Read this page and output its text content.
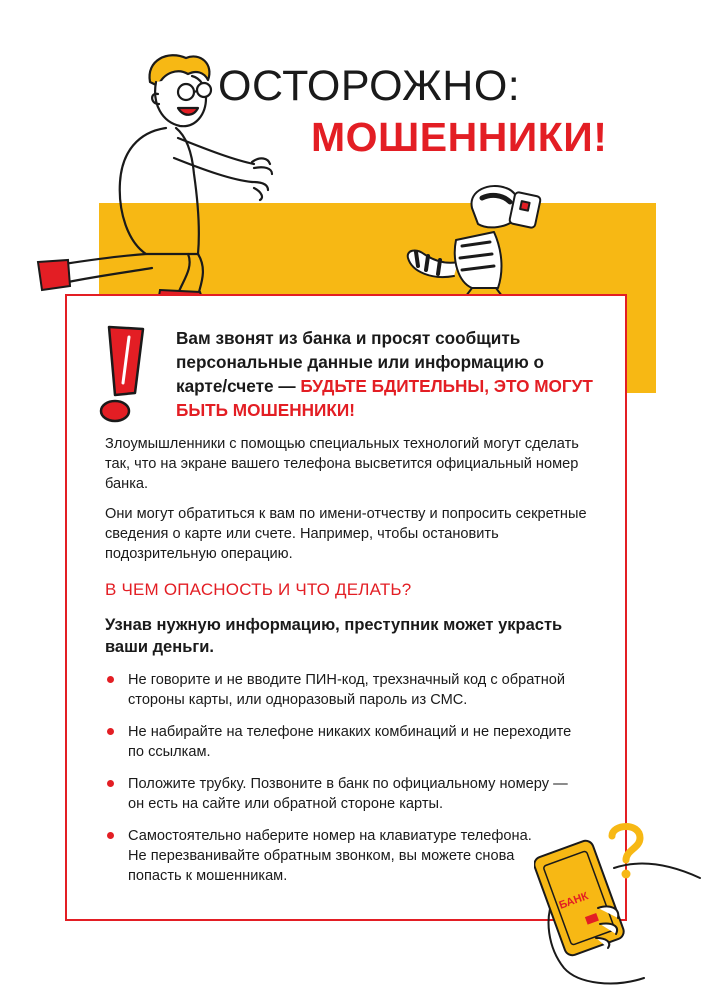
ОСТОРОЖНО:
МОШЕННИКИ!
Вам звонят из банка и просят сообщить персональные данные или информацию о карте/счете — БУДЬТЕ БДИТЕЛЬНЫ, ЭТО МОГУТ БЫТЬ МОШЕННИКИ!
Злоумышленники с помощью специальных технологий могут сделать так, что на экране вашего телефона высветится официальный номер банка.
Они могут обратиться к вам по имени-отчеству и попросить секретные сведения о карте или счете. Например, чтобы остановить подозрительную операцию.
В ЧЕМ ОПАСНОСТЬ И ЧТО ДЕЛАТЬ?
Узнав нужную информацию, преступник может украсть ваши деньги.
Не говорите и не вводите ПИН-код, трехзначный код с обратной стороны карты, или одноразовый пароль из СМС.
Не набирайте на телефоне никаких комбинаций и не переходите по ссылкам.
Положите трубку. Позвоните в банк по официальному номеру — он есть на сайте или обратной стороне карты.
Самостоятельно наберите номер на клавиатуре телефона. Не перезванивайте обратным звонком, вы можете снова попасть к мошенникам.
БАНК
